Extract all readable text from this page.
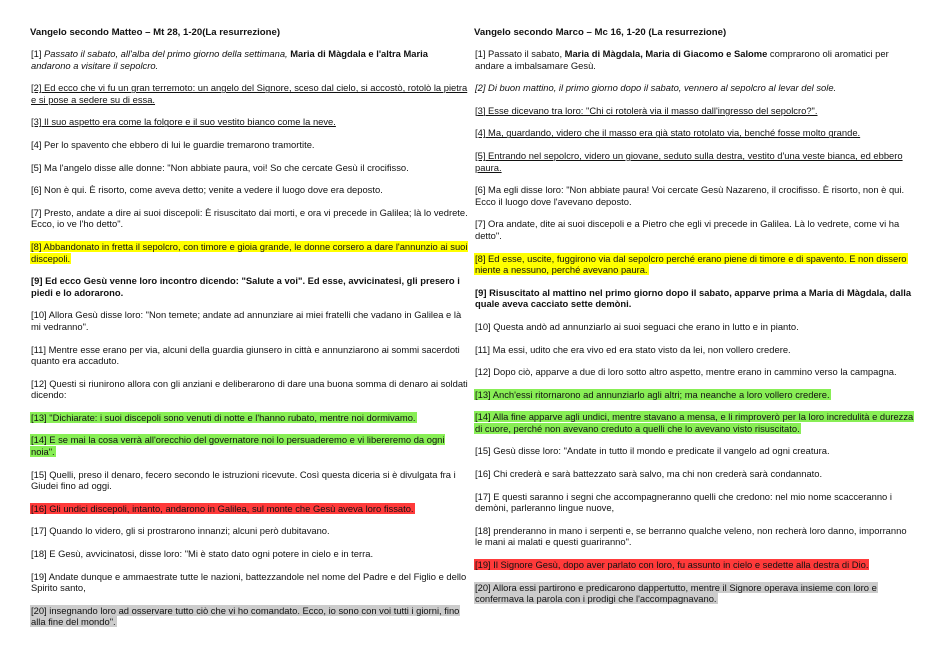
Vangelo secondo Matteo – Mt 28, 1-20(La resurrezione)

[1] Passato il sabato, all'alba del primo giorno della settimana, Maria di Màgdala e l'altra Maria andarono a visitare il sepolcro.

[2] Ed ecco che vi fu un gran terremoto: un angelo del Signore, sceso dal cielo, si accostò, rotolò la pietra e si pose a sedere su di essa.

[3] Il suo aspetto era come la folgore e il suo vestito bianco come la neve.

[4] Per lo spavento che ebbero di lui le guardie tremarono tramortite.

[5] Ma l'angelo disse alle donne: "Non abbiate paura, voi! So che cercate Gesù il crocifisso.

[6] Non è qui. È risorto, come aveva detto; venite a vedere il luogo dove era deposto.

[7] Presto, andate a dire ai suoi discepoli: È risuscitato dai morti, e ora vi precede in Galilea; là lo vedrete. Ecco, io ve l'ho detto".

[8] Abbandonato in fretta il sepolcro, con timore e gioia grande, le donne corsero a dare l'annunzio ai suoi discepoli.

[9] Ed ecco Gesù venne loro incontro dicendo: "Salute a voi". Ed esse, avvicinatesi, gli presero i piedi e lo adorarono.

[10] Allora Gesù disse loro: "Non temete; andate ad annunziare ai miei fratelli che vadano in Galilea e là mi vedranno".

[11] Mentre esse erano per via, alcuni della guardia giunsero in città e annunziarono ai sommi sacerdoti quanto era accaduto.

[12] Questi si riunirono allora con gli anziani e deliberarono di dare una buona somma di denaro ai soldati dicendo:

[13] "Dichiarate: i suoi discepoli sono venuti di notte e l'hanno rubato, mentre noi dormivamo.

[14] E se mai la cosa verrà all'orecchio del governatore noi lo persuaderemo e vi libereremo da ogni noia".

[15] Quelli, preso il denaro, fecero secondo le istruzioni ricevute. Così questa diceria si è divulgata fra i Giudei fino ad oggi.

[16] Gli undici discepoli, intanto, andarono in Galilea, sul monte che Gesù aveva loro fissato.

[17] Quando lo videro, gli si prostrarono innanzi; alcuni però dubitavano.

[18] E Gesù, avvicinatosi, disse loro: "Mi è stato dato ogni potere in cielo e in terra.

[19] Andate dunque e ammaestrate tutte le nazioni, battezzandole nel nome del Padre e del Figlio e dello Spirito santo,

[20] insegnando loro ad osservare tutto ciò che vi ho comandato. Ecco, io sono con voi tutti i giorni, fino alla fine del mondo".

Vangelo secondo Marco – Mc 16, 1-20 (La resurrezione)

[1] Passato il sabato, Maria di Màgdala, Maria di Giacomo e Salome comprarono oli aromatici per andare a imbalsamare Gesù.

[2] Di buon mattino, il primo giorno dopo il sabato, vennero al sepolcro al levar del sole.

[3] Esse dicevano tra loro: "Chi ci rotolerà via il masso dall'ingresso del sepolcro?".

[4] Ma, guardando, videro che il masso era già stato rotolato via, benché fosse molto grande.

[5] Entrando nel sepolcro, videro un giovane, seduto sulla destra, vestito d'una veste bianca, ed ebbero paura.

[6] Ma egli disse loro: "Non abbiate paura! Voi cercate Gesù Nazareno, il crocifisso. È risorto, non è qui. Ecco il luogo dove l'avevano deposto.

[7] Ora andate, dite ai suoi discepoli e a Pietro che egli vi precede in Galilea. Là lo vedrete, come vi ha detto".

[8] Ed esse, uscite, fuggirono via dal sepolcro perché erano piene di timore e di spavento. E non dissero niente a nessuno, perché avevano paura.

[9] Risuscitato al mattino nel primo giorno dopo il sabato, apparve prima a Maria di Màgdala, dalla quale aveva cacciato sette demòni.

[10] Questa andò ad annunziarlo ai suoi seguaci che erano in lutto e in pianto.

[11] Ma essi, udito che era vivo ed era stato visto da lei, non vollero credere.

[12] Dopo ciò, apparve a due di loro sotto altro aspetto, mentre erano in cammino verso la campagna.

[13] Anch'essi ritornarono ad annunziarlo agli altri; ma neanche a loro vollero credere.

[14] Alla fine apparve agli undici, mentre stavano a mensa, e li rimproverò per la loro incredulità e durezza di cuore, perché non avevano creduto a quelli che lo avevano visto risuscitato.

[15] Gesù disse loro: "Andate in tutto il mondo e predicate il vangelo ad ogni creatura.

[16] Chi crederà e sarà battezzato sarà salvo, ma chi non crederà sarà condannato.

[17] E questi saranno i segni che accompagneranno quelli che credono: nel mio nome scacceranno i demòni, parleranno lingue nuove,

[18] prenderanno in mano i serpenti e, se berranno qualche veleno, non recherà loro danno, imporranno le mani ai malati e questi guariranno".

[19] Il Signore Gesù, dopo aver parlato con loro, fu assunto in cielo e sedette alla destra di Dio.

[20] Allora essi partirono e predicarono dappertutto, mentre il Signore operava insieme con loro e confermava la parola con i prodigi che l'accompagnavano.
